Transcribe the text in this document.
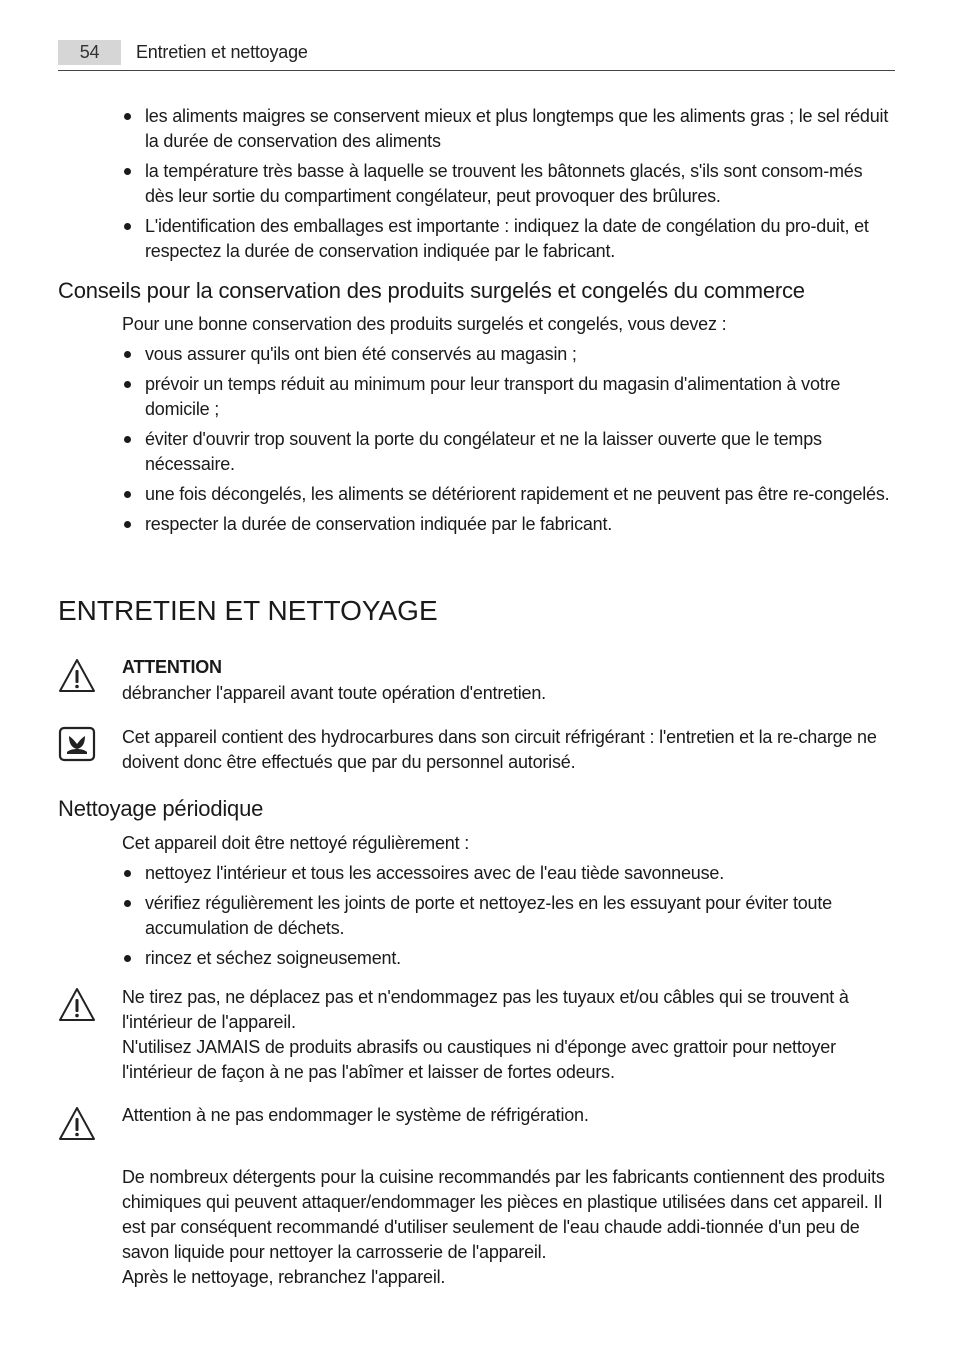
54	Entretien et nettoyage
les aliments maigres se conservent mieux et plus longtemps que les aliments gras ; le sel réduit la durée de conservation des aliments
la température très basse à laquelle se trouvent les bâtonnets glacés, s'ils sont consom-més dès leur sortie du compartiment congélateur, peut provoquer des brûlures.
L'identification des emballages est importante : indiquez la date de congélation du pro-duit, et respectez la durée de conservation indiquée par le fabricant.
Conseils pour la conservation des produits surgelés et congelés du commerce
Pour une bonne conservation des produits surgelés et congelés, vous devez :
vous assurer qu'ils ont bien été conservés au magasin ;
prévoir un temps réduit au minimum pour leur transport du magasin d'alimentation à votre domicile ;
éviter d'ouvrir trop souvent la porte du congélateur et ne la laisser ouverte que le temps nécessaire.
une fois décongelés, les aliments se détériorent rapidement et ne peuvent pas être re-congelés.
respecter la durée de conservation indiquée par le fabricant.
ENTRETIEN ET NETTOYAGE
ATTENTION
débrancher l'appareil avant toute opération d'entretien.
Cet appareil contient des hydrocarbures dans son circuit réfrigérant : l'entretien et la re-charge ne doivent donc être effectués que par du personnel autorisé.
Nettoyage périodique
Cet appareil doit être nettoyé régulièrement :
nettoyez l'intérieur et tous les accessoires avec de l'eau tiède savonneuse.
vérifiez régulièrement les joints de porte et nettoyez-les en les essuyant pour éviter toute accumulation de déchets.
rincez et séchez soigneusement.
Ne tirez pas, ne déplacez pas et n'endommagez pas les tuyaux et/ou câbles qui se trouvent à l'intérieur de l'appareil.
N'utilisez JAMAIS de produits abrasifs ou caustiques ni d'éponge avec grattoir pour nettoyer l'intérieur de façon à ne pas l'abîmer et laisser de fortes odeurs.
Attention à ne pas endommager le système de réfrigération.
De nombreux détergents pour la cuisine recommandés par les fabricants contiennent des produits chimiques qui peuvent attaquer/endommager les pièces en plastique utilisées dans cet appareil. Il est par conséquent recommandé d'utiliser seulement de l'eau chaude addi-tionnée d'un peu de savon liquide pour nettoyer la carrosserie de l'appareil.
Après le nettoyage, rebranchez l'appareil.
